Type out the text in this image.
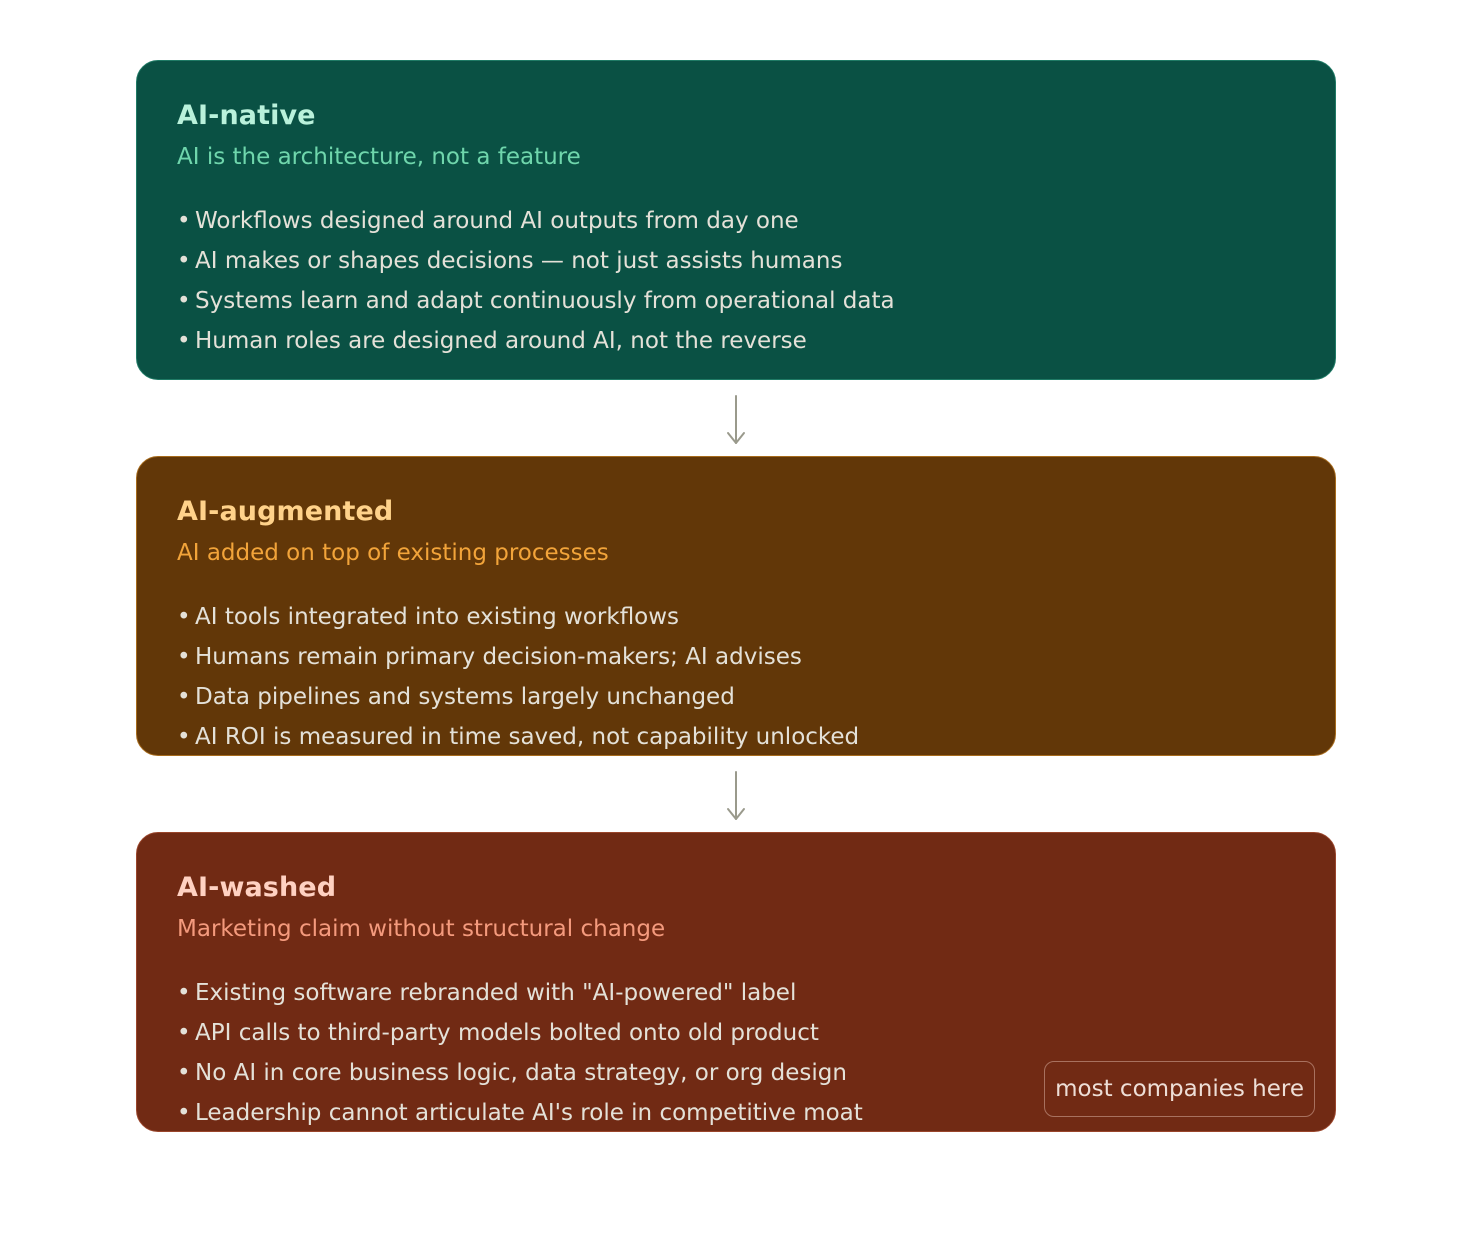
AI-native

AI is the architecture, not a feature

• Workflows designed around AI outputs from day one
• AI makes or shapes decisions — not just assists humans
• Systems learn and adapt continuously from operational data
• Human roles are designed around AI, not the reverse
AI-augmented

AI added on top of existing processes

• AI tools integrated into existing workflows
• Humans remain primary decision-makers; AI advises
• Data pipelines and systems largely unchanged
• AI ROI is measured in time saved, not capability unlocked
AI-washed

Marketing claim without structural change

• Existing software rebranded with "AI-powered" label
• API calls to third-party models bolted onto old product
• No AI in core business logic, data strategy, or org design
• Leadership cannot articulate AI's role in competitive moat
most companies here
